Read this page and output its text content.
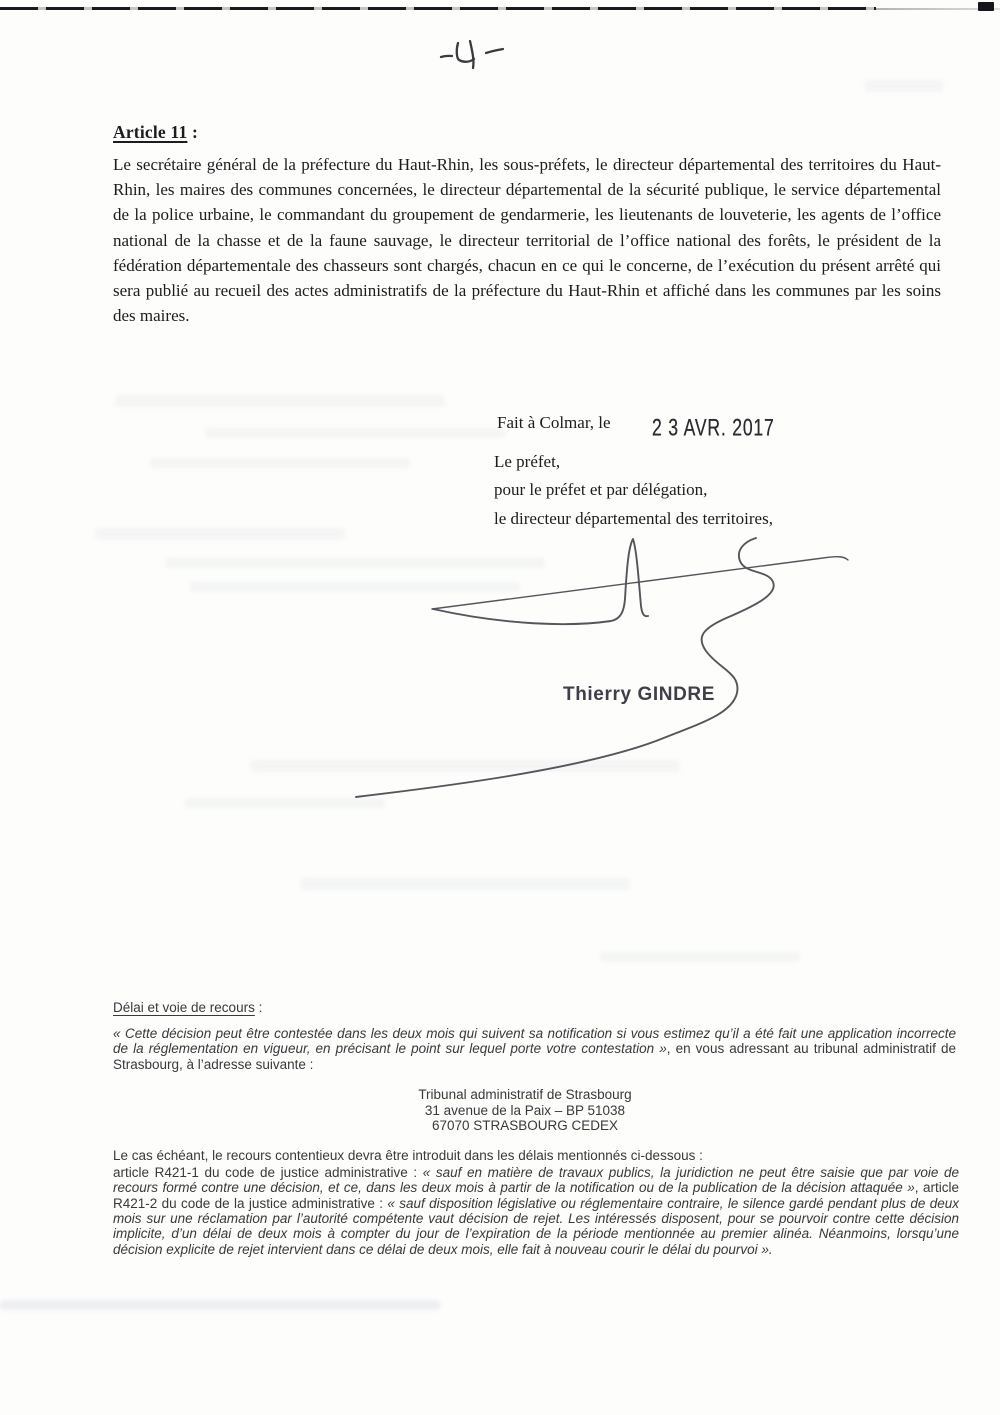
Article 11 :

Le secrétaire général de la préfecture du Haut-Rhin, les sous-préfets, le directeur départemental des territoires du Haut-Rhin, les maires des communes concernées, le directeur départemental de la sécurité publique, le service départemental de la police urbaine, le commandant du groupement de gendarmerie, les lieutenants de louveterie, les agents de l’office national de la chasse et de la faune sauvage, le directeur territorial de l’office national des forêts, le président de la fédération départementale des chasseurs sont chargés, chacun en ce qui le concerne, de l’exécution du présent arrêté qui sera publié au recueil des actes administratifs de la préfecture du Haut-Rhin et affiché dans les communes par les soins des maires.

Fait à Colmar, le 2 3 AVR. 2017
Le préfet,
pour le préfet et par délégation,
le directeur départemental des territoires,
Thierry GINDRE
Délai et voie de recours :

« Cette décision peut être contestée dans les deux mois qui suivent sa notification si vous estimez qu’il a été fait une application incorrecte de la réglementation en vigueur, en précisant le point sur lequel porte votre contestation », en vous adressant au tribunal administratif de Strasbourg, à l’adresse suivante :

Tribunal administratif de Strasbourg
31 avenue de la Paix – BP 51038
67070 STRASBOURG CEDEX
Le cas échéant, le recours contentieux devra être introduit dans les délais mentionnés ci-dessous :

article R421-1 du code de justice administrative : « sauf en matière de travaux publics, la juridiction ne peut être saisie que par voie de recours formé contre une décision, et ce, dans les deux mois à partir de la notification ou de la publication de la décision attaquée », article R421-2 du code de la justice administrative : « sauf disposition législative ou réglementaire contraire, le silence gardé pendant plus de deux mois sur une réclamation par l’autorité compétente vaut décision de rejet. Les intéressés disposent, pour se pourvoir contre cette décision implicite, d’un délai de deux mois à compter du jour de l’expiration de la période mentionnée au premier alinéa. Néanmoins, lorsqu’une décision explicite de rejet intervient dans ce délai de deux mois, elle fait à nouveau courir le délai du pourvoi ».
